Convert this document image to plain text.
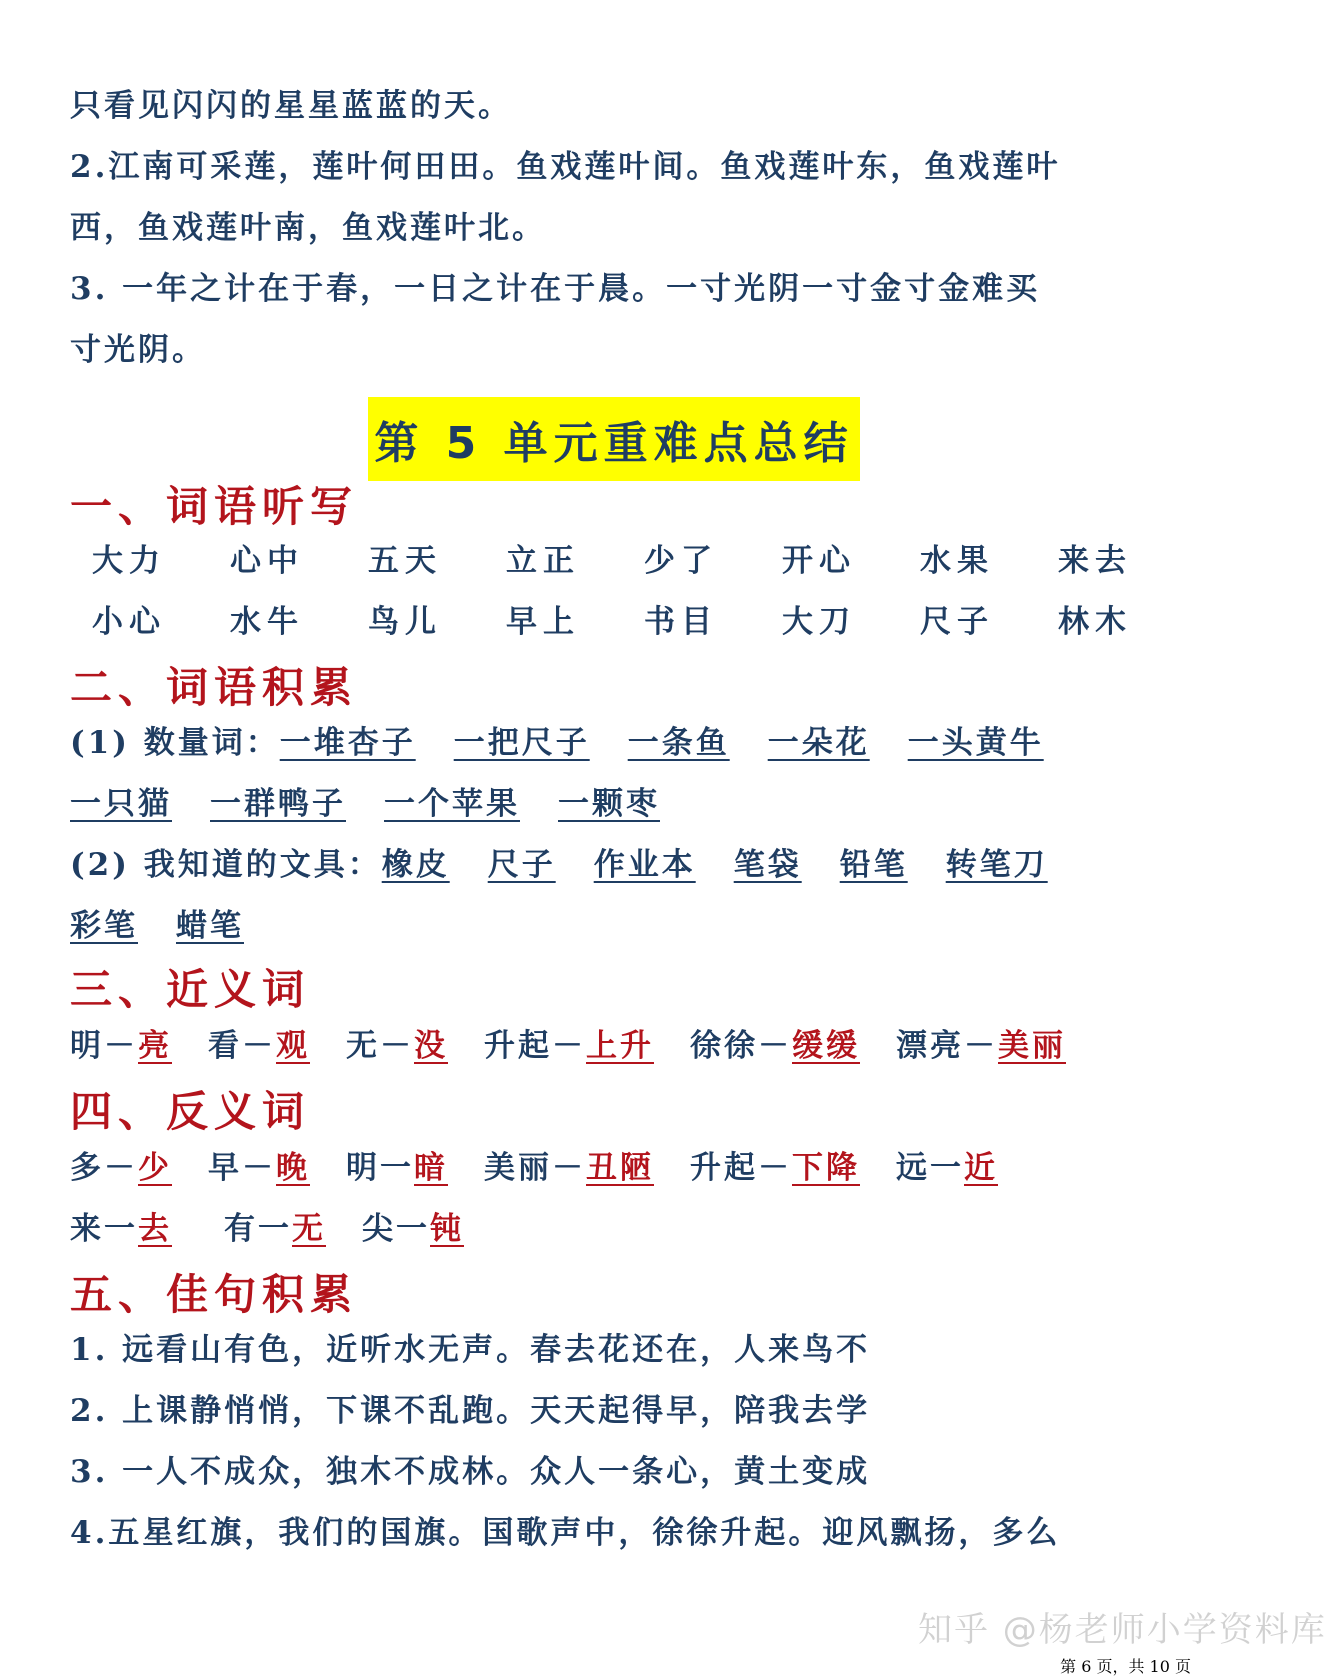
只看见闪闪的星星蓝蓝的天。
2.江南可采莲，莲叶何田田。鱼戏莲叶间。鱼戏莲叶东，鱼戏莲叶
西，鱼戏莲叶南，鱼戏莲叶北。
3. 一年之计在于春，一日之计在于晨。一寸光阴一寸金寸金难买
寸光阴。
第 5 单元重难点总结
一、词语听写
大力	心中	五天	立正	少了	开心	水果	来去
小心	水牛	鸟儿	早上	书目	大刀	尺子	林木
二、词语积累
(1) 数量词：一堆杏子 一把尺子 一条鱼 一朵花 一头黄牛
一只猫 一群鸭子 一个苹果 一颗枣
(2) 我知道的文具：橡皮 尺子 作业本 笔袋 铅笔 转笔刀
彩笔 蜡笔
三、近义词
明－亮 看－观 无－没 升起－上升 徐徐－缓缓 漂亮－美丽
四、反义词
多－少 早－晚 明一暗 美丽－丑陋升起－下降 远一近
来一去 有一无 尖一钝
五、佳句积累
1. 远看山有色，近听水无声。春去花还在，人来鸟不
2. 上课静悄悄，下课不乱跑。天天起得早，陪我去学
3. 一人不成众，独木不成林。众人一条心，黄土变成
4.五星红旗，我们的国旗。国歌声中，徐徐升起。迎风飘扬，多么
知乎 @杨老师小学资料库
第 6 页，共 10 页
